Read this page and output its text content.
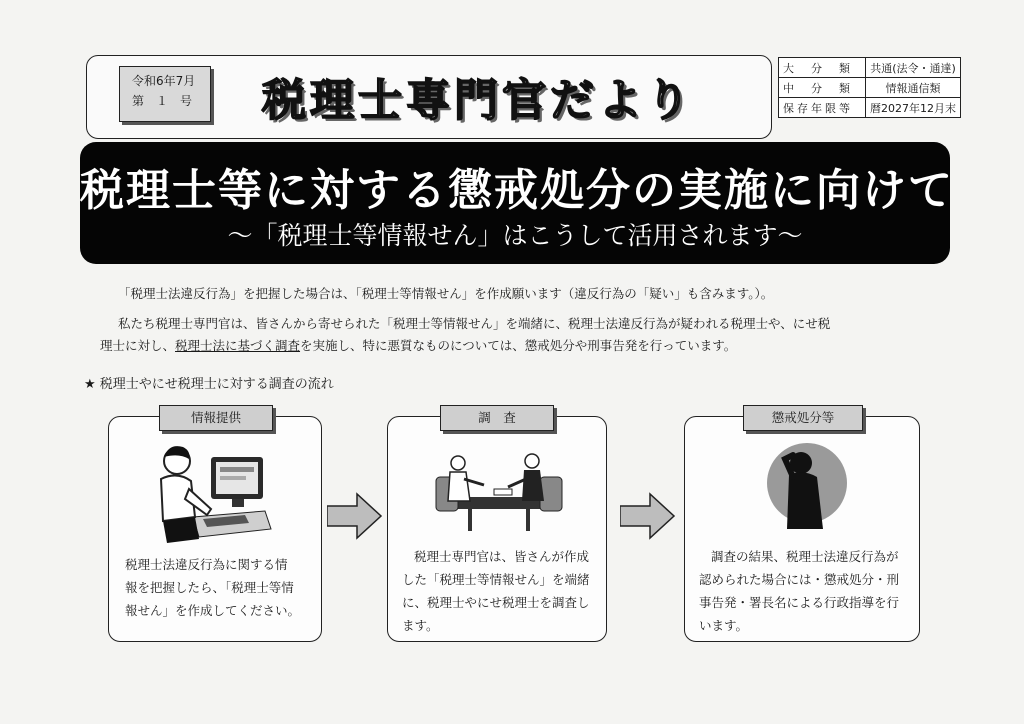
令和6年7月
第　１　号	税理士専門官だより
大　分　類	共通(法令・通達)
中　分　類	情報通信類
保存年限等	暦2027年12月末
税理士等に対する懲戒処分の実施に向けて
～「税理士等情報せん」はこうして活用されます～
「税理士法違反行為」を把握した場合は、「税理士等情報せん」を作成願います（違反行為の「疑い」も含みます。）。
私たち税理士専門官は、皆さんから寄せられた「税理士等情報せん」を端緒に、税理士法違反行為が疑われる税理士や、にせ税
理士に対し、税理士法に基づく調査を実施し、特に悪質なものについては、懲戒処分や刑事告発を行っています。
★ 税理士やにせ税理士に対する調査の流れ
情報提供
税理士法違反行為に関する情
報を把握したら、「税理士等情
報せん」を作成してください。
調　査
税理士専門官は、皆さんが作成
した「税理士等情報せん」を端緒
に、税理士やにせ税理士を調査し
ます。
懲戒処分等
調査の結果、税理士法違反行為が
認められた場合には・懲戒処分・刑
事告発・署長名による行政指導を行
います。
